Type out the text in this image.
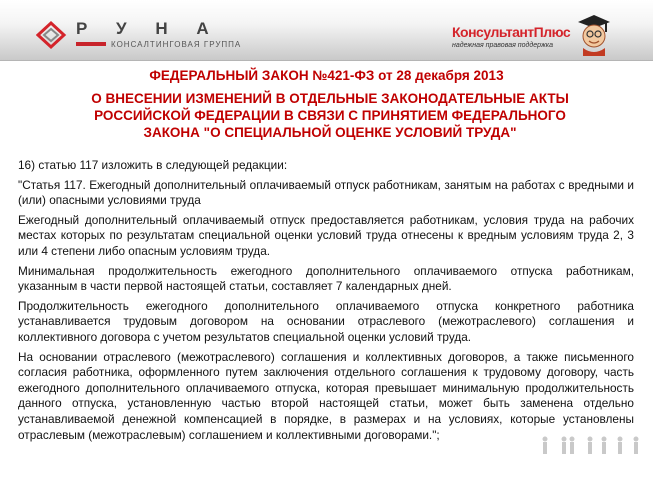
Р У Н А
КОНСАЛТИНГОВАЯ ГРУППА
КонсультантПлюс
надежная правовая поддержка
ФЕДЕРАЛЬНЫЙ ЗАКОН №421-ФЗ от 28 декабря 2013
О ВНЕСЕНИИ ИЗМЕНЕНИЙ В ОТДЕЛЬНЫЕ ЗАКОНОДАТЕЛЬНЫЕ АКТЫ РОССИЙСКОЙ ФЕДЕРАЦИИ В СВЯЗИ С ПРИНЯТИЕМ ФЕДЕРАЛЬНОГО ЗАКОНА "О СПЕЦИАЛЬНОЙ ОЦЕНКЕ УСЛОВИЙ ТРУДА"

16) статью 117 изложить в следующей редакции:

"Статья 117. Ежегодный дополнительный оплачиваемый отпуск работникам, занятым на работах с вредными и (или) опасными условиями труда

Ежегодный дополнительный оплачиваемый отпуск предоставляется работникам, условия труда на рабочих местах которых по результатам специальной оценки условий труда отнесены к вредным условиям труда 2, 3 или 4 степени либо опасным условиям труда.

Минимальная продолжительность ежегодного дополнительного оплачиваемого отпуска работникам, указанным в части первой настоящей статьи, составляет 7 календарных дней.

Продолжительность ежегодного дополнительного оплачиваемого отпуска конкретного работника устанавливается трудовым договором на основании отраслевого (межотраслевого) соглашения и коллективного договора с учетом результатов специальной оценки условий труда.

На основании отраслевого (межотраслевого) соглашения и коллективных договоров, а также письменного согласия работника, оформленного путем заключения отдельного соглашения к трудовому договору, часть ежегодного дополнительного оплачиваемого отпуска, которая превышает минимальную продолжительность данного отпуска, установленную частью второй настоящей статьи, может быть заменена отдельно устанавливаемой денежной компенсацией в порядке, в размерах и на условиях, которые установлены отраслевым (межотраслевым) соглашением и коллективными договорами.";
